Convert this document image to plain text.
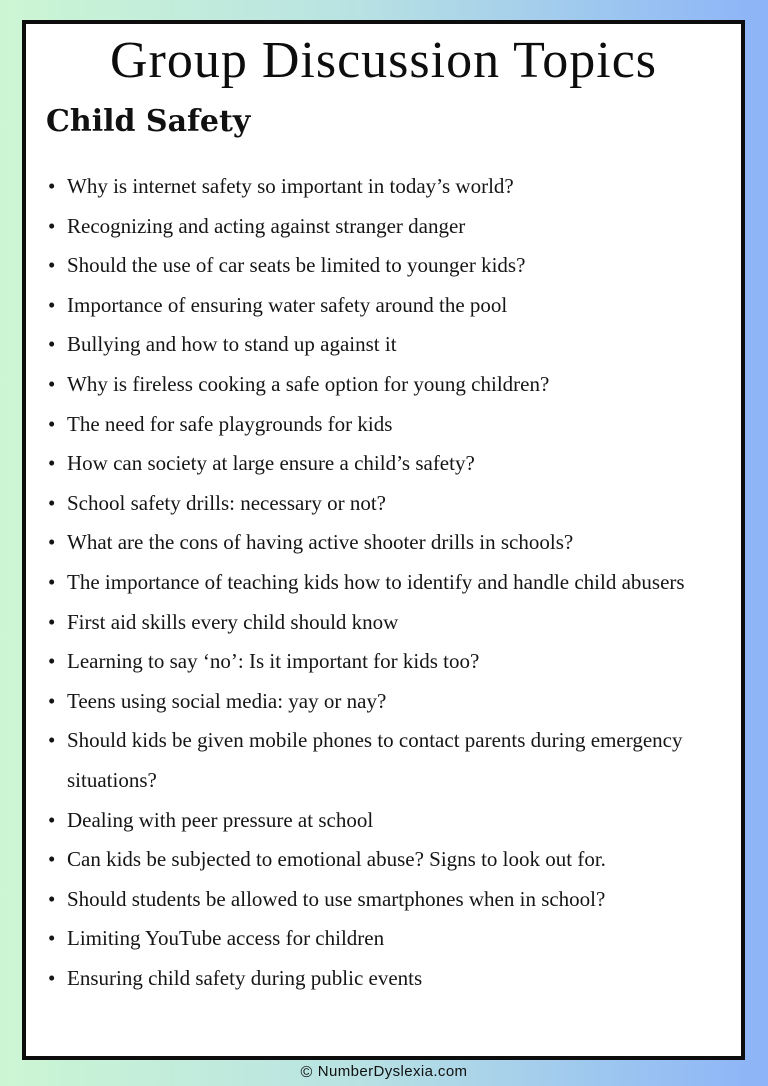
Group Discussion Topics
Child Safety
• Why is internet safety so important in today’s world?
• Recognizing and acting against stranger danger
• Should the use of car seats be limited to younger kids?
• Importance of ensuring water safety around the pool
• Bullying and how to stand up against it
• Why is fireless cooking a safe option for young children?
• The need for safe playgrounds for kids
• How can society at large ensure a child’s safety?
• School safety drills: necessary or not?
• What are the cons of having active shooter drills in schools?
• The importance of teaching kids how to identify and handle child abusers
• First aid skills every child should know
• Learning to say ‘no’: Is it important for kids too?
• Teens using social media: yay or nay?
• Should kids be given mobile phones to contact parents during emergency situations?
• Dealing with peer pressure at school
• Can kids be subjected to emotional abuse? Signs to look out for.
• Should students be allowed to use smartphones when in school?
• Limiting YouTube access for children
• Ensuring child safety during public events
© NumberDyslexia.com
